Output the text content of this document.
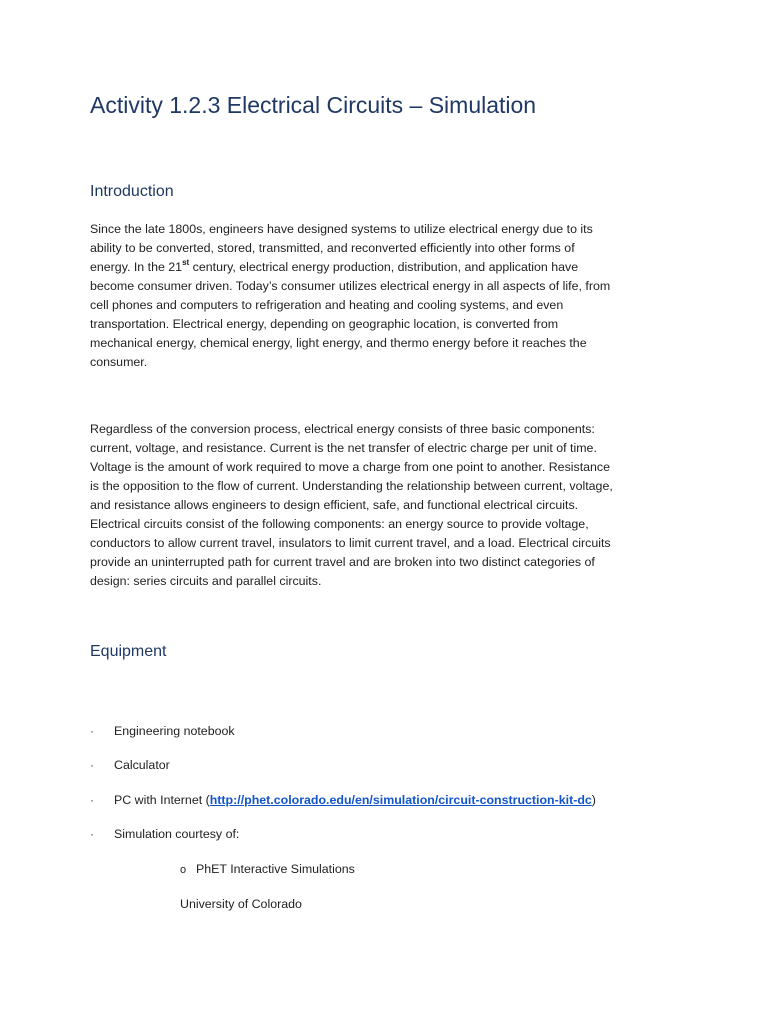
Activity 1.2.3 Electrical Circuits – Simulation
Introduction

Since the late 1800s, engineers have designed systems to utilize electrical energy due to its
ability to be converted, stored, transmitted, and reconverted efficiently into other forms of
energy. In the 21st century, electrical energy production, distribution, and application have
become consumer driven. Today’s consumer utilizes electrical energy in all aspects of life, from
cell phones and computers to refrigeration and heating and cooling systems, and even
transportation. Electrical energy, depending on geographic location, is converted from
mechanical energy, chemical energy, light energy, and thermo energy before it reaches the
consumer.

Regardless of the conversion process, electrical energy consists of three basic components:
current, voltage, and resistance. Current is the net transfer of electric charge per unit of time.
Voltage is the amount of work required to move a charge from one point to another. Resistance
is the opposition to the flow of current. Understanding the relationship between current, voltage,
and resistance allows engineers to design efficient, safe, and functional electrical circuits.
Electrical circuits consist of the following components: an energy source to provide voltage,
conductors to allow current travel, insulators to limit current travel, and a load. Electrical circuits
provide an uninterrupted path for current travel and are broken into two distinct categories of
design: series circuits and parallel circuits.

Equipment
· Engineering notebook
· Calculator
· PC with Internet (http://phet.colorado.edu/en/simulation/circuit-construction-kit-dc)
· Simulation courtesy of:
o PhET Interactive Simulations
University of Colorado
